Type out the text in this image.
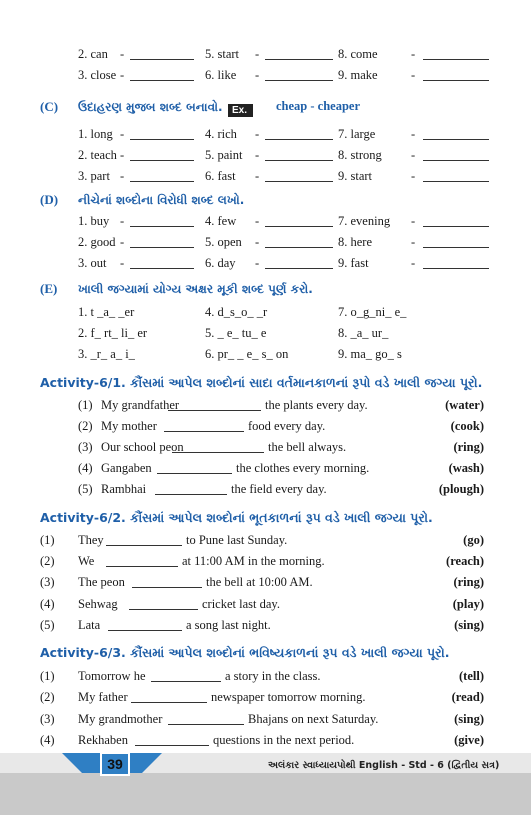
2. can -	5. start -	8. come	-
3. close -	6. like -	9. make	-
(C) ઉદાહરણ મુજબ શબ્દ બનાવો.
1. long -	4. rich -	7. large	-
2. teach -	5. paint -	8. strong -
3. part -	6. fast -	9. start	-
(D) નીચેનાં શબ્દોના વિરોધી શબ્દ લખો.
1. buy -	4. few -	7. evening -
2. good -	5. open -	8. here	-
3. out -	6. day -	9. fast	-
Ex. cheap - cheaper
(E) ખાલી જગ્યામાં યોગ્ય અક્ષર મૂકી શબ્દ પૂર્ણ કરો.
1. t _a_ _er	4. d_s_o_ _r	7. o_g_ni_ e_
2. f_ rt_ li_ er	5. _ e_ tu_ e	8. _a_ ur_
3. _r_ a_ i_	6. pr_ _ e_ s_ on	9. ma_ go_ s
Activity-6/1. કૌંસમાં આપેલ શબ્દોનાં સાદા વર્તમાનકાળનાં રૂપો વડે ખાલી જગ્યા પૂરો.
(1) My grandfather	the plants every day.	(water)
(2) My mother	food every day.	(cook)
(3) Our school peon	the bell always.	(ring)
(4) Gangaben	the clothes every morning.	(wash)
(5) Rambhai	the field every day.	(plough)
Activity-6/2. કૌંસમાં આપેલ શબ્દોનાં ભૂતકાળનાં રૂપ વડે ખાલી જગ્યા પૂરો.
(1) They	to Pune last Sunday.	(go)
(2) We	at 11:00 AM in the morning.	(reach)
(3) The peon	the bell at 10:00 AM.	(ring)
(4) Sehwag	cricket last day.	(play)
(5) Lata	a song last night.	(sing)
Activity-6/3. કૌંસમાં આપેલ શબ્દોનાં ભવિષ્યકાળનાં રૂપ વડે ખાલી જગ્યા પૂરો.
(1) Tomorrow he	a story in the class.	(tell)
(2) My father	newspaper tomorrow morning.	(read)
(3) My grandmother	Bhajans on next Saturday.	(sing)
(4) Rekhaben	questions in the next period.	(give)
39	અલંકાર સ્વાધ્યાયપોથી English - Std - 6 (દ્વિતીય સત્ર)
